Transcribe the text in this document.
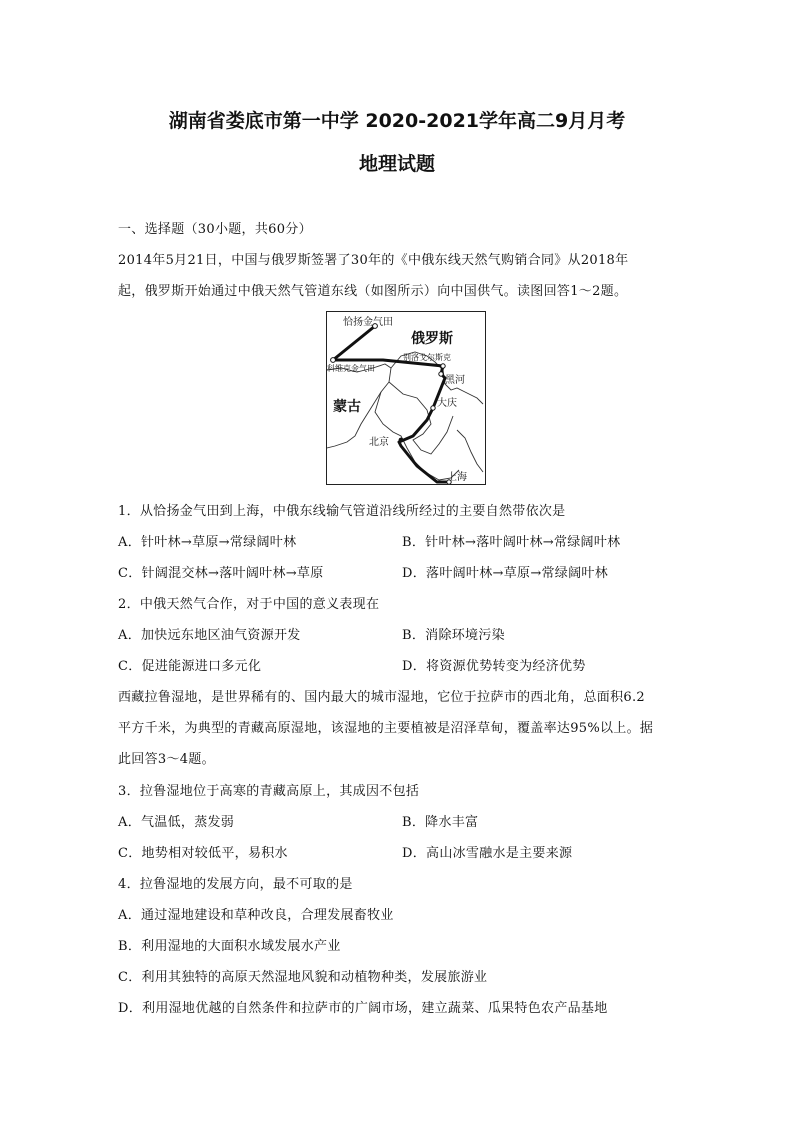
湖南省娄底市第一中学 2020-2021学年高二9月月考
地理试题
一、选择题（30小题，共60分）
2014年5月21日，中国与俄罗斯签署了30年的《中俄东线天然气购销合同》从2018年
起，俄罗斯开始通过中俄天然气管道东线（如图所示）向中国供气。读图回答1～2题。
恰扬金气田
俄罗斯
科维克金气田
别洛戈尔斯克
黑河
蒙古	大庆
北京
上海
1．从恰扬金气田到上海，中俄东线输气管道沿线所经过的主要自然带依次是
A．针叶林→草原→常绿阔叶林	B．针叶林→落叶阔叶林→常绿阔叶林
C．针阔混交林→落叶阔叶林→草原	D．落叶阔叶林→草原→常绿阔叶林
2．中俄天然气合作，对于中国的意义表现在
A．加快远东地区油气资源开发	B．消除环境污染
C．促进能源进口多元化	D．将资源优势转变为经济优势
西藏拉鲁湿地，是世界稀有的、国内最大的城市湿地，它位于拉萨市的西北角，总面积6.2
平方千米，为典型的青藏高原湿地，该湿地的主要植被是沼泽草甸，覆盖率达95%以上。据
此回答3～4题。
3．拉鲁湿地位于高寒的青藏高原上，其成因不包括
A．气温低，蒸发弱	B．降水丰富
C．地势相对较低平，易积水	D．高山冰雪融水是主要来源
4．拉鲁湿地的发展方向，最不可取的是
A．通过湿地建设和草种改良，合理发展畜牧业
B．利用湿地的大面积水域发展水产业
C．利用其独特的高原天然湿地风貌和动植物种类，发展旅游业
D．利用湿地优越的自然条件和拉萨市的广阔市场，建立蔬菜、瓜果特色农产品基地
